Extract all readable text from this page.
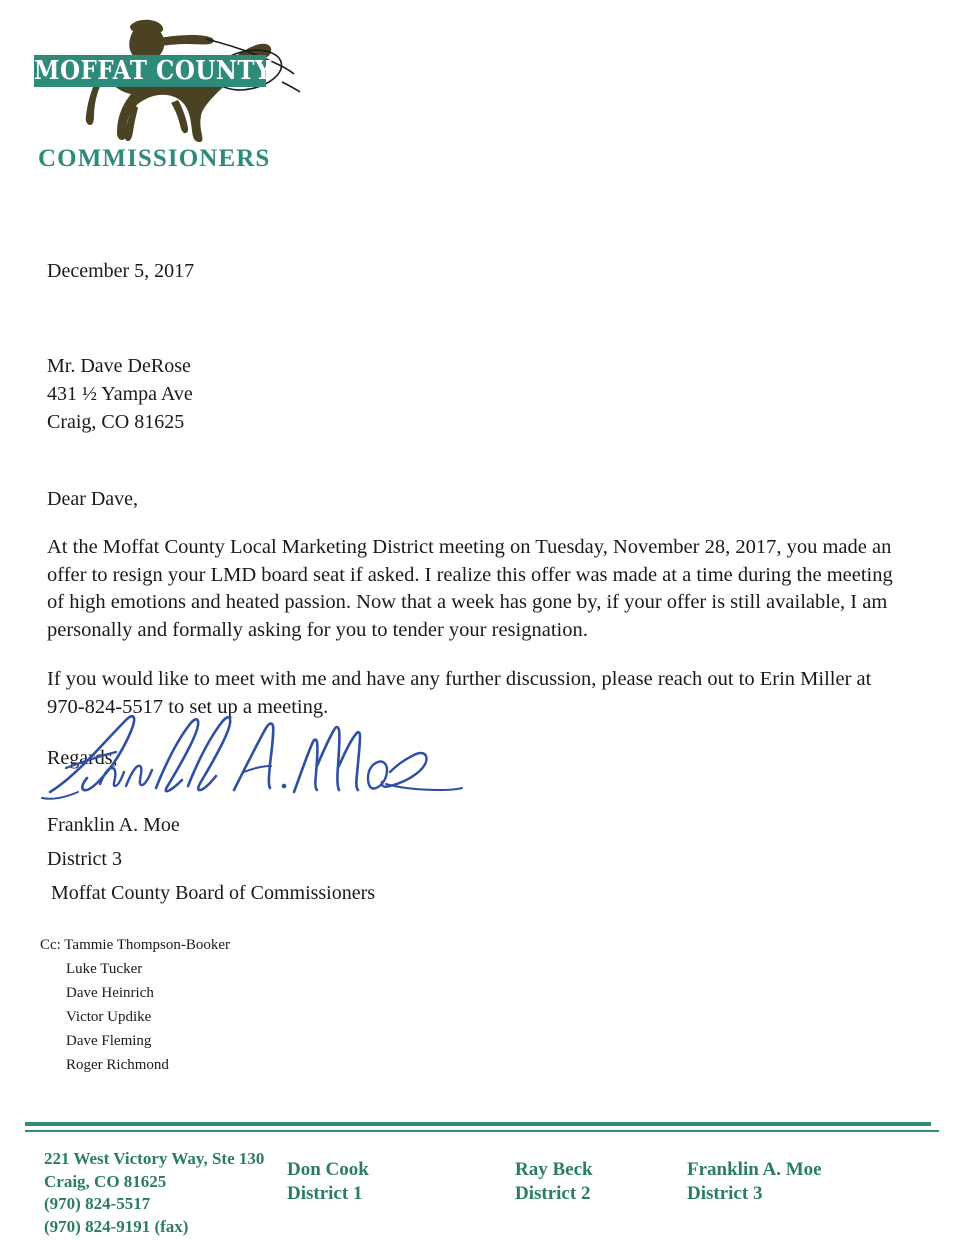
MOFFAT COUNTY
COMMISSIONERS
December 5, 2017
Mr. Dave DeRose
431 ½ Yampa Ave
Craig, CO 81625
Dear Dave,
At the Moffat County Local Marketing District meeting on Tuesday, November 28, 2017, you made an offer to resign your LMD board seat if asked. I realize this offer was made at a time during the meeting of high emotions and heated passion. Now that a week has gone by, if your offer is still available, I am personally and formally asking for you to tender your resignation.
If you would like to meet with me and have any further discussion, please reach out to Erin Miller at 970-824-5517 to set up a meeting.
Regards,
Franklin A. Moe
District 3
Moffat County Board of Commissioners
Cc: Tammie Thompson-Booker
Luke Tucker
Dave Heinrich
Victor Updike
Dave Fleming
Roger Richmond
221 West Victory Way, Ste 130
Craig, CO 81625
(970) 824-5517
(970) 824-9191 (fax)
Don Cook
District 1
Ray Beck
District 2
Franklin A. Moe
District 3
